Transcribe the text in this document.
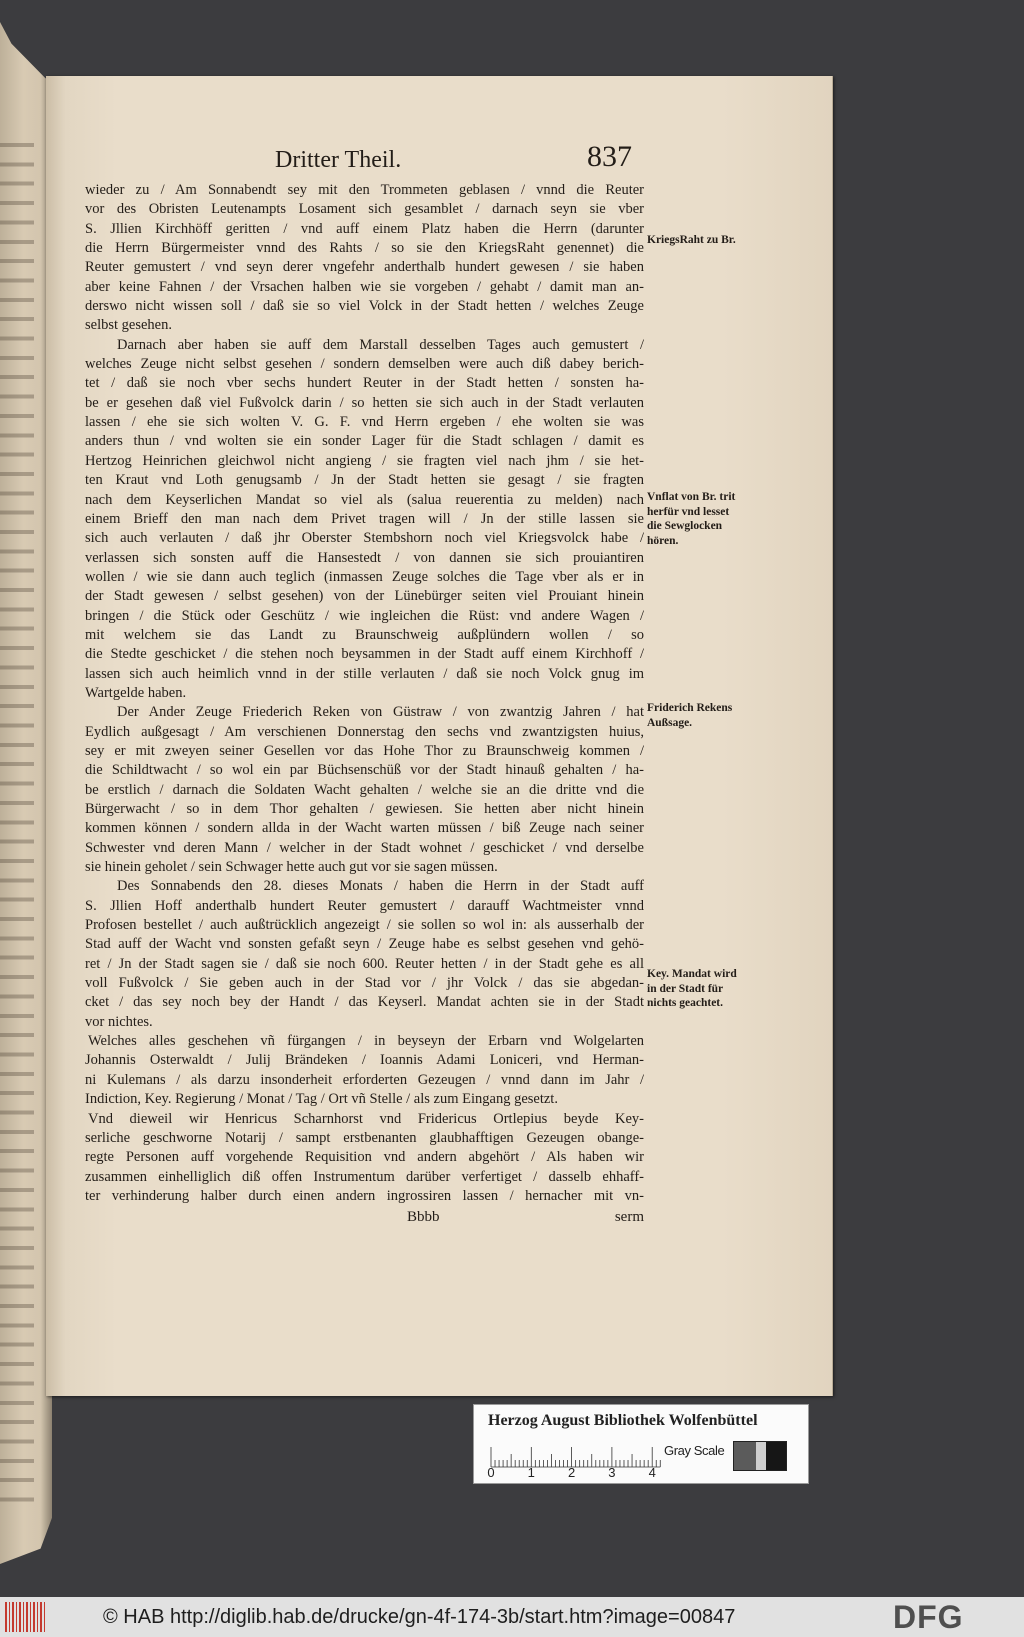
Dritter Theil.	837
wieder zu / Am Sonnabendt sey mit den Trommeten geblasen / vnnd die Reuter
vor des Obristen Leutenampts Losament sich gesamblet / darnach seyn sie vber
S. Jllien Kirchhöff geritten / vnd auff einem Platz haben die Herrn (darunter
die Herrn Bürgermeister vnnd des Rahts / so sie den KriegsRaht genennet) die
Reuter gemustert / vnd seyn derer vngefehr anderthalb hundert gewesen / sie haben
aber keine Fahnen / der Vrsachen halben wie sie vorgeben / gehabt / damit man an-
derswo nicht wissen soll / daß sie so viel Volck in der Stadt hetten / welches Zeuge
selbst gesehen.
Darnach aber haben sie auff dem Marstall desselben Tages auch gemustert /
welches Zeuge nicht selbst gesehen / sondern demselben were auch diß dabey berich-
tet / daß sie noch vber sechs hundert Reuter in der Stadt hetten / sonsten ha-
be er gesehen daß viel Fußvolck darin / so hetten sie sich auch in der Stadt verlauten
lassen / ehe sie sich wolten V. G. F. vnd Herrn ergeben / ehe wolten sie was
anders thun / vnd wolten sie ein sonder Lager für die Stadt schlagen / damit es
Hertzog Heinrichen gleichwol nicht angieng / sie fragten viel nach jhm / sie het-
ten Kraut vnd Loth genugsamb / Jn der Stadt hetten sie gesagt / sie fragten
nach dem Keyserlichen Mandat so viel als (salua reuerentia zu melden) nach
einem Brieff den man nach dem Privet tragen will / Jn der stille lassen sie
sich auch verlauten / daß jhr Oberster Stembshorn noch viel Kriegsvolck habe /
verlassen sich sonsten auff die Hansestedt / von dannen sie sich prouiantiren
wollen / wie sie dann auch teglich (inmassen Zeuge solches die Tage vber als er in
der Stadt gewesen / selbst gesehen) von der Lünebürger seiten viel Prouiant hinein
bringen / die Stück oder Geschütz / wie ingleichen die Rüst: vnd andere Wagen /
mit welchem sie das Landt zu Braunschweig außplündern wollen / so
die Stedte geschicket / die stehen noch beysammen in der Stadt auff einem Kirchhoff /
lassen sich auch heimlich vnnd in der stille verlauten / daß sie noch Volck gnug im
Wartgelde haben.
Der Ander Zeuge Friederich Reken von Güstraw / von zwantzig Jahren / hat
Eydlich außgesagt / Am verschienen Donnerstag den sechs vnd zwantzigsten huius,
sey er mit zweyen seiner Gesellen vor das Hohe Thor zu Braunschweig kommen /
die Schildtwacht / so wol ein par Büchsenschüß vor der Stadt hinauß gehalten / ha-
be erstlich / darnach die Soldaten Wacht gehalten / welche sie an die dritte vnd die
Bürgerwacht / so in dem Thor gehalten / gewiesen. Sie hetten aber nicht hinein
kommen können / sondern allda in der Wacht warten müssen / biß Zeuge nach seiner
Schwester vnd deren Mann / welcher in der Stadt wohnet / geschicket / vnd derselbe
sie hinein geholet / sein Schwager hette auch gut vor sie sagen müssen.
Des Sonnabends den 28. dieses Monats / haben die Herrn in der Stadt auff
S. Jllien Hoff anderthalb hundert Reuter gemustert / darauff Wachtmeister vnnd
Profosen bestellet / auch außtrücklich angezeigt / sie sollen so wol in: als ausserhalb der
Stad auff der Wacht vnd sonsten gefaßt seyn / Zeuge habe es selbst gesehen vnd gehö-
ret / Jn der Stadt sagen sie / daß sie noch 600. Reuter hetten / in der Stadt gehe es all
voll Fußvolck / Sie geben auch in der Stad vor / jhr Volck / das sie abgedan-
cket / das sey noch bey der Handt / das Keyserl. Mandat achten sie in der Stadt
vor nichtes.
Welches alles geschehen vñ fürgangen / in beyseyn der Erbarn vnd Wolgelarten
Johannis Osterwaldt / Julij Brändeken / Ioannis Adami Loniceri, vnd Herman-
ni Kulemans / als darzu insonderheit erforderten Gezeugen / vnnd dann im Jahr /
Indiction, Key. Regierung / Monat / Tag / Ort vñ Stelle / als zum Eingang gesetzt.
Vnd dieweil wir Henricus Scharnhorst vnd Fridericus Ortlepius beyde Key-
serliche geschworne Notarij / sampt erstbenanten glaubhafftigen Gezeugen obange-
regte Personen auff vorgehende Requisition vnd andern abgehört / Als haben wir
zusammen einhelliglich diß offen Instrumentum darüber verfertiget / dasselb ehhaff-
ter verhinderung halber durch einen andern ingrossiren lassen / hernacher mit vn-
Bbbb	serm
KriegsRaht zu Br.
Vnflat von Br. trit
herfür vnd lesset
die Sewglocken
hören.
Friderich Rekens
Außsage.
Key. Mandat wird
in der Stadt für
nichts geachtet.
Herzog August Bibliothek Wolfenbüttel
0	1	2	3	4
Gray Scale
© HAB http://diglib.hab.de/drucke/gn-4f-174-3b/start.htm?image=00847	DFG
